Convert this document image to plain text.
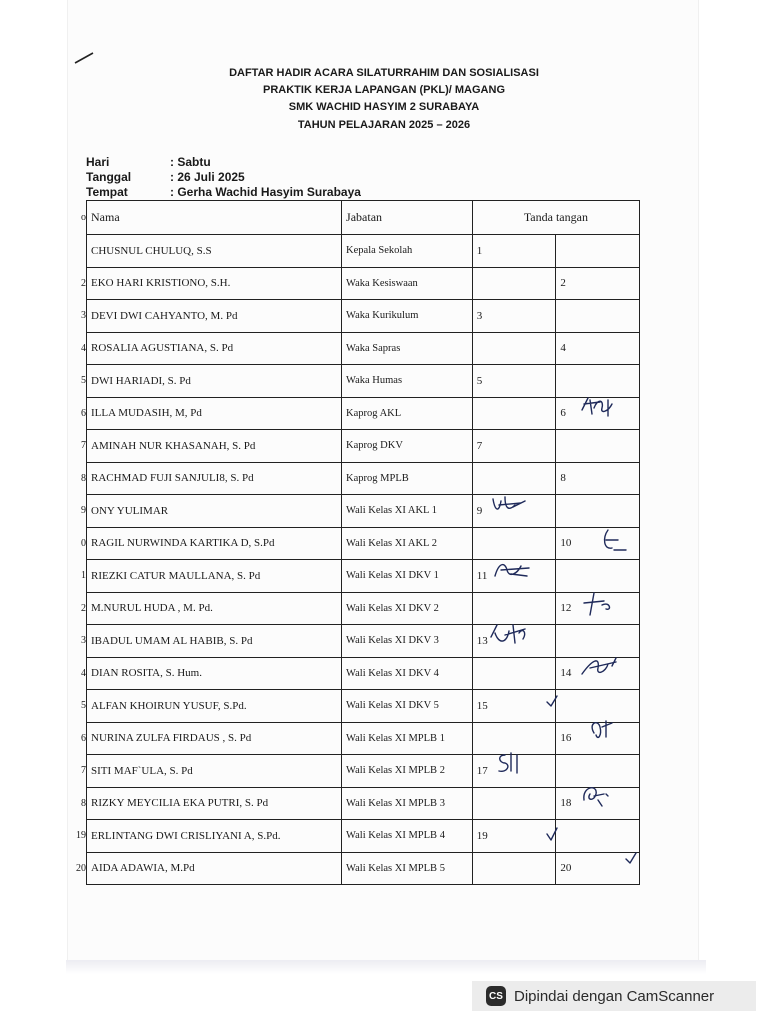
DAFTAR HADIR ACARA SILATURRAHIM DAN SOSIALISASI
PRAKTIK KERJA LAPANGAN (PKL)/ MAGANG
SMK WACHID HASYIM 2 SURABAYA
TAHUN PELAJARAN 2025 – 2026
Hari	: Sabtu
Tanggal	: 26 Juli 2025
Tempat	: Gerha Wachid Hasyim Surabaya
o Nama	Jabatan	Tanda tangan	

CHUSNUL CHULUQ, S.S	Kepala Sekolah	1	

2 EKO HARI KRISTIONO, S.H.	Waka Kesiswaan		2

3 DEVI DWI CAHYANTO, M. Pd	Waka Kurikulum	3	

4 ROSALIA AGUSTIANA, S. Pd	Waka Sapras		4

5 DWI HARIADI, S. Pd	Waka Humas	5	

6 ILLA MUDASIH, M, Pd	Kaprog AKL		6

7 AMINAH NUR KHASANAH, S. Pd	Kaprog DKV	7	

8 RACHMAD FUJI SANJULI8, S. Pd	Kaprog MPLB		8

9 ONY YULIMAR	Wali Kelas XI AKL 1	9

0 RAGIL NURWINDA KARTIKA D, S.Pd	Wali Kelas XI AKL 2		10

1 RIEZKI CATUR MAULLANA, S. Pd	Wali Kelas XI DKV 1	11

2 M.NURUL HUDA , M. Pd.	Wali Kelas XI DKV 2		12

3 IBADUL UMAM AL HABIB, S. Pd	Wali Kelas XI DKV 3	13

4 DIAN ROSITA, S. Hum.	Wali Kelas XI DKV 4		14

5 ALFAN KHOIRUN YUSUF, S.Pd.	Wali Kelas XI DKV 5	15

6 NURINA ZULFA FIRDAUS , S. Pd	Wali Kelas XI MPLB 1		16

7 SITI MAF`ULA, S. Pd	Wali Kelas XI MPLB 2	17

8 RIZKY MEYCILIA EKA PUTRI, S. Pd	Wali Kelas XI MPLB 3		18

19 ERLINTANG DWI CRISLIYANI A, S.Pd.	Wali Kelas XI MPLB 4	19

20 AIDA ADAWIA, M.Pd	Wali Kelas XI MPLB 5		20
CS Dipindai dengan CamScanner
